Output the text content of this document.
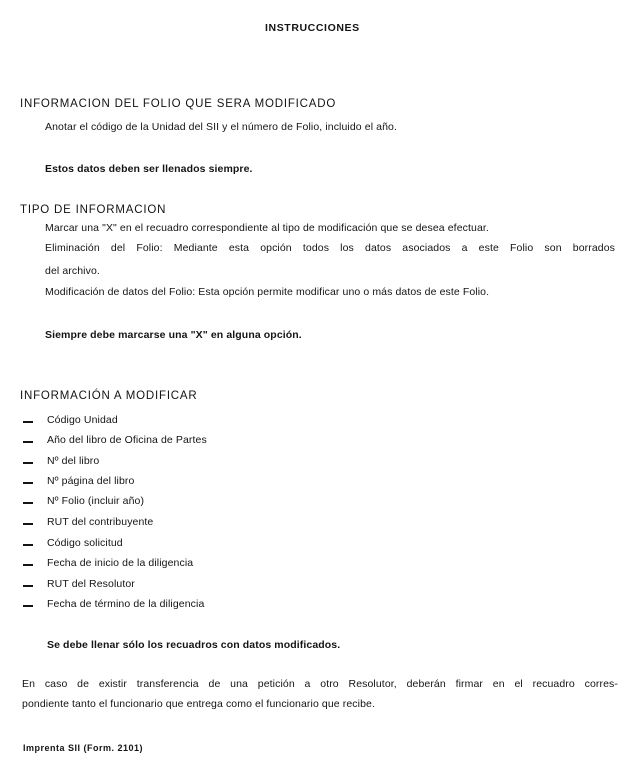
INSTRUCCIONES
INFORMACION DEL FOLIO QUE SERA MODIFICADO
Anotar el código de la Unidad del SII y el número de Folio, incluido el año.
Estos datos deben ser llenados siempre.
TIPO DE INFORMACION
Marcar una "X" en el recuadro correspondiente al tipo de modificación que se desea efectuar.
Eliminación del Folio: Mediante esta opción todos los datos asociados a este Folio son borrados
del archivo.
Modificación de datos del Folio: Esta opción permite modificar uno o más datos de este Folio.
Siempre debe marcarse una "X" en alguna opción.
INFORMACIÓN A MODIFICAR
Código Unidad
Año del libro de Oficina de Partes
Nº del libro
Nº página del libro
Nº Folio (incluir año)
RUT del contribuyente
Código solicitud
Fecha de inicio de la diligencia
RUT del Resolutor
Fecha de término de la diligencia
Se debe llenar sólo los recuadros con datos modificados.
En caso de existir transferencia de una petición a otro Resolutor, deberán firmar en el recuadro corres-
pondiente tanto el funcionario que entrega como el funcionario que recibe.
Imprenta SII (Form. 2101)
